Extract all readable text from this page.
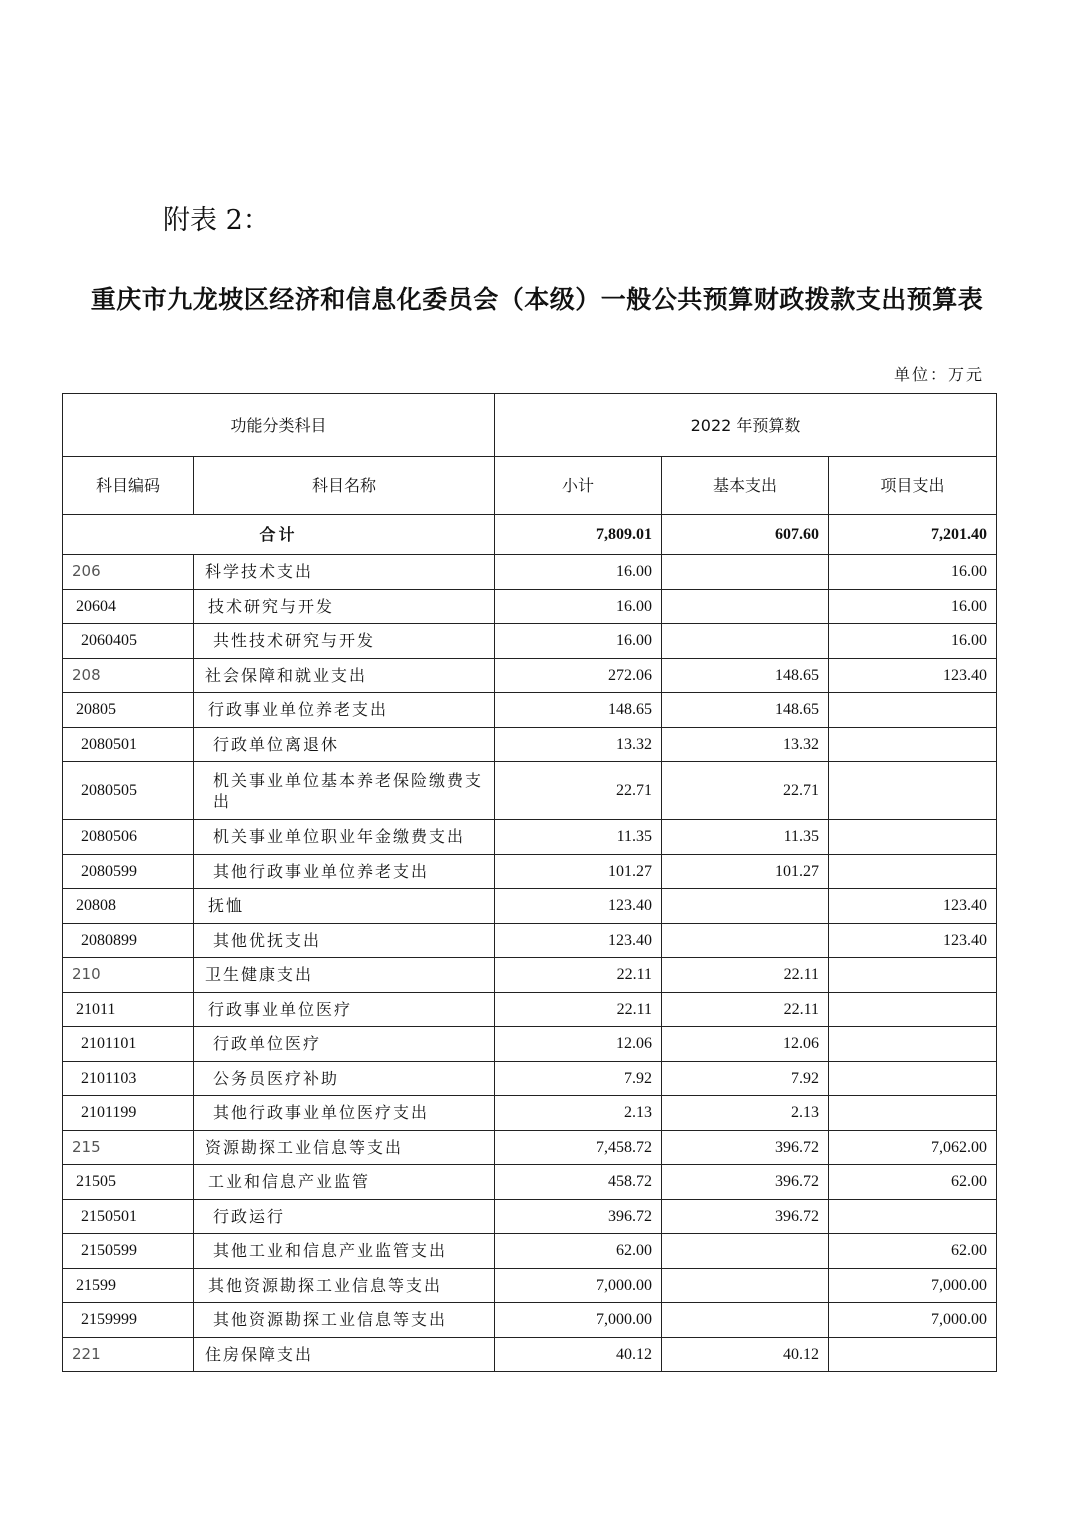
附表 2：
重庆市九龙坡区经济和信息化委员会（本级）一般公共预算财政拨款支出预算表
单位：万元
功能分类科目		2022 年预算数		
科目编码	科目名称	小计	基本支出	项目支出
合计		7,809.01	607.60	7,201.40
206	科学技术支出	16.00		16.00
20604	技术研究与开发	16.00		16.00
2060405	共性技术研究与开发	16.00		16.00
208	社会保障和就业支出	272.06	148.65	123.40
20805	行政事业单位养老支出	148.65	148.65	
2080501	行政单位离退休	13.32	13.32	
2080505	机关事业单位基本养老保险缴费支出	22.71	22.71	
2080506	机关事业单位职业年金缴费支出	11.35	11.35	
2080599	其他行政事业单位养老支出	101.27	101.27	
20808	抚恤	123.40		123.40
2080899	其他优抚支出	123.40		123.40
210	卫生健康支出	22.11	22.11	
21011	行政事业单位医疗	22.11	22.11	
2101101	行政单位医疗	12.06	12.06	
2101103	公务员医疗补助	7.92	7.92	
2101199	其他行政事业单位医疗支出	2.13	2.13	
215	资源勘探工业信息等支出	7,458.72	396.72	7,062.00
21505	工业和信息产业监管	458.72	396.72	62.00
2150501	行政运行	396.72	396.72	
2150599	其他工业和信息产业监管支出	62.00		62.00
21599	其他资源勘探工业信息等支出	7,000.00		7,000.00
2159999	其他资源勘探工业信息等支出	7,000.00		7,000.00
221	住房保障支出	40.12	40.12	
